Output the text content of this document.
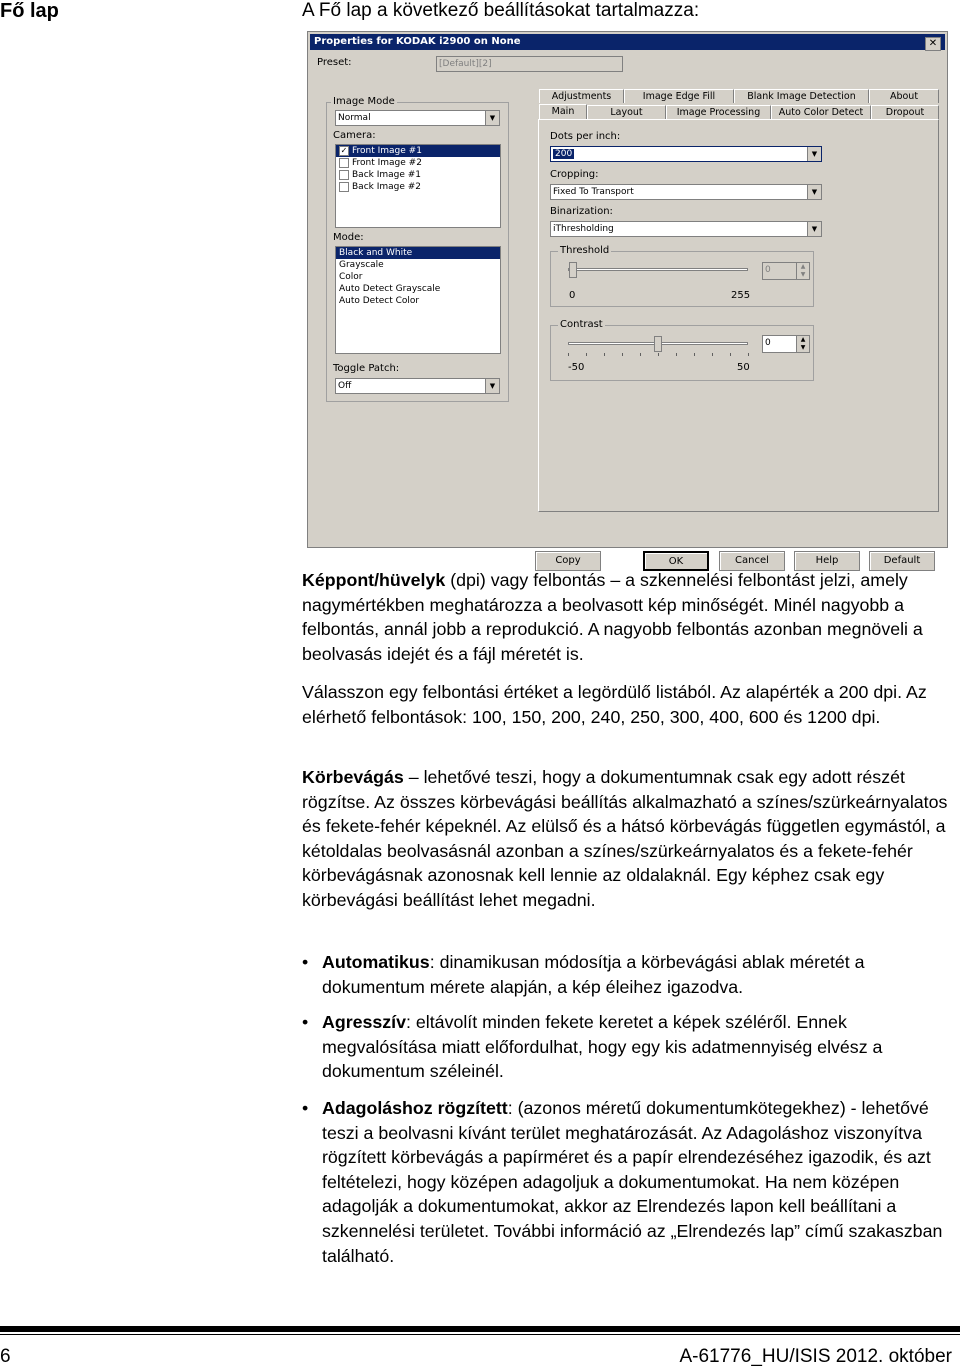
Fő lap	A Fő lap a következő beállításokat tartalmazza:
Properties for KODAK i2900 on None	✕
Preset:	[Default][2]
Image Mode
Normal	▼
Camera:
✓ Front Image #1
Front Image #2
Back Image #1
Back Image #2
Mode:
Black and White
Grayscale
Color
Auto Detect Grayscale
Auto Detect Color
Toggle Patch:
Off	▼
Adjustments	Image Edge Fill	Blank Image Detection	About
Main	Layout	Image Processing	Auto Color Detect	Dropout
Dots per inch:
200	▼
Cropping:
Fixed To Transport	▼
Binarization:
iThresholding	▼
Threshold
0	255
0	▲
▼
Contrast
-50	50
0	▲
▼
Copy	OK	Cancel	Help	Default
Képpont/hüvelyk (dpi) vagy felbontás – a szkennelési felbontást jelzi, amely nagymértékben meghatározza a beolvasott kép minőségét. Minél nagyobb a felbontás, annál jobb a reprodukció. A nagyobb felbontás azonban megnöveli a beolvasás idejét és a fájl méretét is.
Válasszon egy felbontási értéket a legördülő listából. Az alapérték a 200 dpi. Az elérhető felbontások: 100, 150, 200, 240, 250, 300, 400, 600 és 1200 dpi.
Körbevágás – lehetővé teszi, hogy a dokumentumnak csak egy adott részét rögzítse. Az összes körbevágási beállítás alkalmazható a színes/szürkeárnyalatos és fekete-fehér képeknél. Az elülső és a hátsó körbevágás független egymástól, a kétoldalas beolvasásnál azonban a színes/szürkeárnyalatos és a fekete-fehér körbevágásnak azonosnak kell lennie az oldalaknál. Egy képhez csak egy körbevágási beállítást lehet megadni.
• Automatikus: dinamikusan módosítja a körbevágási ablak méretét a dokumentum mérete alapján, a kép éleihez igazodva.
• Agresszív: eltávolít minden fekete keretet a képek széléről. Ennek megvalósítása miatt előfordulhat, hogy egy kis adatmennyiség elvész a dokumentum széleinél.
• Adagoláshoz rögzített: (azonos méretű dokumentumkötegekhez) - lehetővé teszi a beolvasni kívánt terület meghatározását. Az Adagoláshoz viszonyítva rögzített körbevágás a papírméret és a papír elrendezéséhez igazodik, és azt feltételezi, hogy középen adagoljuk a dokumentumokat. Ha nem középen adagolják a dokumentumokat, akkor az Elrendezés lapon kell beállítani a szkennelési területet. További információ az „Elrendezés lap” című szakaszban található.
6	A-61776_HU/ISIS 2012. október
